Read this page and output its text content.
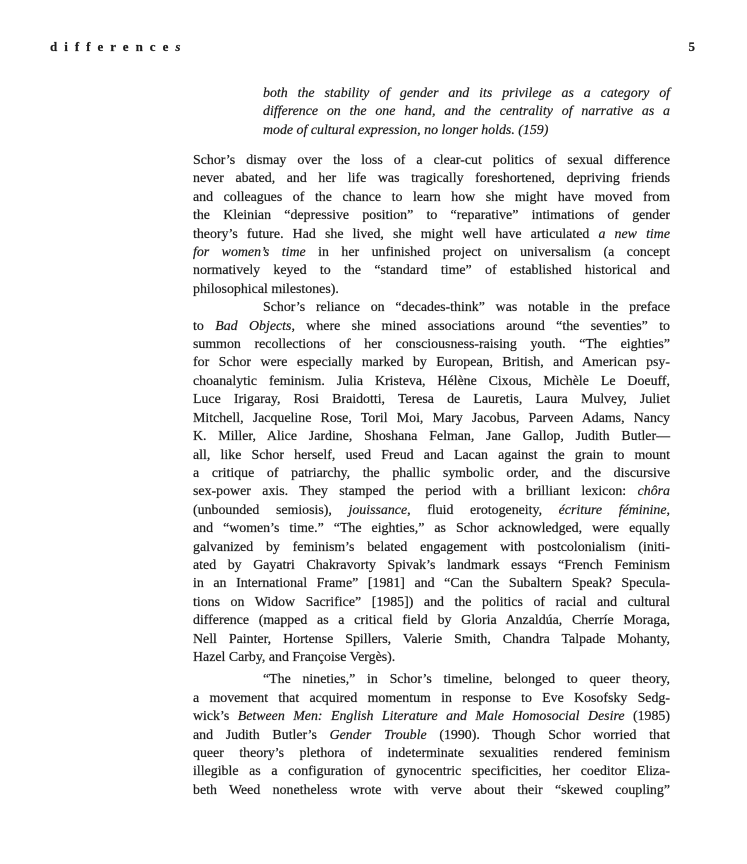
differences	5
both the stability of gender and its privilege as a category of
difference on the one hand, and the centrality of narrative as a
mode of cultural expression, no longer holds. (159)
Schor’s dismay over the loss of a clear-cut politics of sexual difference
never abated, and her life was tragically foreshortened, depriving friends
and colleagues of the chance to learn how she might have moved from
the Kleinian “depressive position” to “reparative” intimations of gender
theory’s future. Had she lived, she might well have articulated a new time
for women’s time in her unfinished project on universalism (a concept
normatively keyed to the “standard time” of established historical and
philosophical milestones).
Schor’s reliance on “decades-think” was notable in the preface
to Bad Objects, where she mined associations around “the seventies” to
summon recollections of her consciousness-raising youth. “The eighties”
for Schor were especially marked by European, British, and American psy-
choanalytic feminism. Julia Kristeva, Hélène Cixous, Michèle Le Doeuff,
Luce Irigaray, Rosi Braidotti, Teresa de Lauretis, Laura Mulvey, Juliet
Mitchell, Jacqueline Rose, Toril Moi, Mary Jacobus, Parveen Adams, Nancy
K. Miller, Alice Jardine, Shoshana Felman, Jane Gallop, Judith Butler—
all, like Schor herself, used Freud and Lacan against the grain to mount
a critique of patriarchy, the phallic symbolic order, and the discursive
sex-power axis. They stamped the period with a brilliant lexicon: chôra
(unbounded semiosis), jouissance, fluid erotogeneity, écriture féminine,
and “women’s time.” “The eighties,” as Schor acknowledged, were equally
galvanized by feminism’s belated engagement with postcolonialism (initi-
ated by Gayatri Chakravorty Spivak’s landmark essays “French Feminism
in an International Frame” [1981] and “Can the Subaltern Speak? Specula-
tions on Widow Sacrifice” [1985]) and the politics of racial and cultural
difference (mapped as a critical field by Gloria Anzaldúa, Cherríe Moraga,
Nell Painter, Hortense Spillers, Valerie Smith, Chandra Talpade Mohanty,
Hazel Carby, and Françoise Vergès).
“The nineties,” in Schor’s timeline, belonged to queer theory,
a movement that acquired momentum in response to Eve Kosofsky Sedg-
wick’s Between Men: English Literature and Male Homosocial Desire (1985)
and Judith Butler’s Gender Trouble (1990). Though Schor worried that
queer theory’s plethora of indeterminate sexualities rendered feminism
illegible as a configuration of gynocentric specificities, her coeditor Eliza-
beth Weed nonetheless wrote with verve about their “skewed coupling”
